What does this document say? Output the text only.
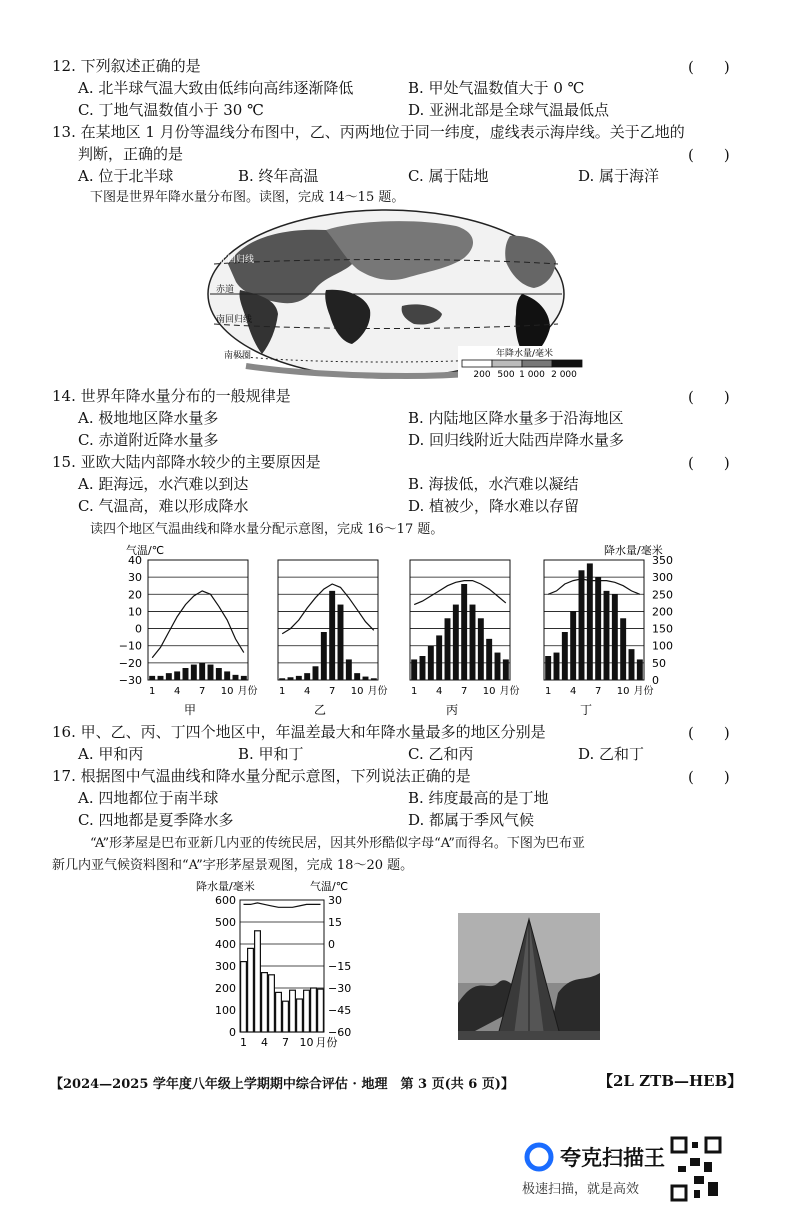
12. 下列叙述正确的是	(　　)
A. 北半球气温大致由低纬向高纬逐渐降低	B. 甲处气温数值大于 0 ℃
C. 丁地气温数值小于 30 ℃	D. 亚洲北部是全球气温最低点
13. 在某地区 1 月份等温线分布图中，乙、丙两地位于同一纬度，虚线表示海岸线。关于乙地的
判断，正确的是	(　　)
A. 位于北半球	B. 终年高温	C. 属于陆地	D. 属于海洋
下图是世界年降水量分布图。读图，完成 14～15 题。
北回归线
赤道
南回归线
南极圈	年降水量/毫米
200 500 1 000 2 000
14. 世界年降水量分布的一般规律是	(　　)
A. 极地地区降水量多	B. 内陆地区降水量多于沿海地区
C. 赤道附近降水量多	D. 回归线附近大陆西岸降水量多
15. 亚欧大陆内部降水较少的主要原因是	(　　)
A. 距海远，水汽难以到达	B. 海拔低，水汽难以凝结
C. 气温高，难以形成降水	D. 植被少，降水难以存留
读四个地区气温曲线和降水量分配示意图，完成 16～17 题。
气温/℃	降水量/毫米
40
30
20
10
0
−10
−20
−30
350
300
250
200
150
100
50
0
1 4 7 10 月份
甲
1 4 7 10 月份
乙
1 4 7 10 月份
丙
1 4 7 10 月份
丁
16. 甲、乙、丙、丁四个地区中，年温差最大和年降水量最多的地区分别是	(　　)
A. 甲和丙	B. 甲和丁	C. 乙和丙	D. 乙和丁
17. 根据图中气温曲线和降水量分配示意图，下列说法正确的是	(　　)
A. 四地都位于南半球	B. 纬度最高的是丁地
C. 四地都是夏季降水多	D. 都属于季风气候
“A”形茅屋是巴布亚新几内亚的传统民居，因其外形酷似字母“A”而得名。下图为巴布亚
新几内亚气候资料图和“A”字形茅屋景观图，完成 18～20 题。
降水量/毫米	气温/℃
600
500
400
300
200
100
0
30
15
0
−15
−30
−45
−60
1 4 7 10 月份
【2024—2025 学年度八年级上学期期中综合评估 · 地理　第 3 页(共 6 页)】	【2L ZTB—HEB】
夸克扫描王
极速扫描，就是高效
